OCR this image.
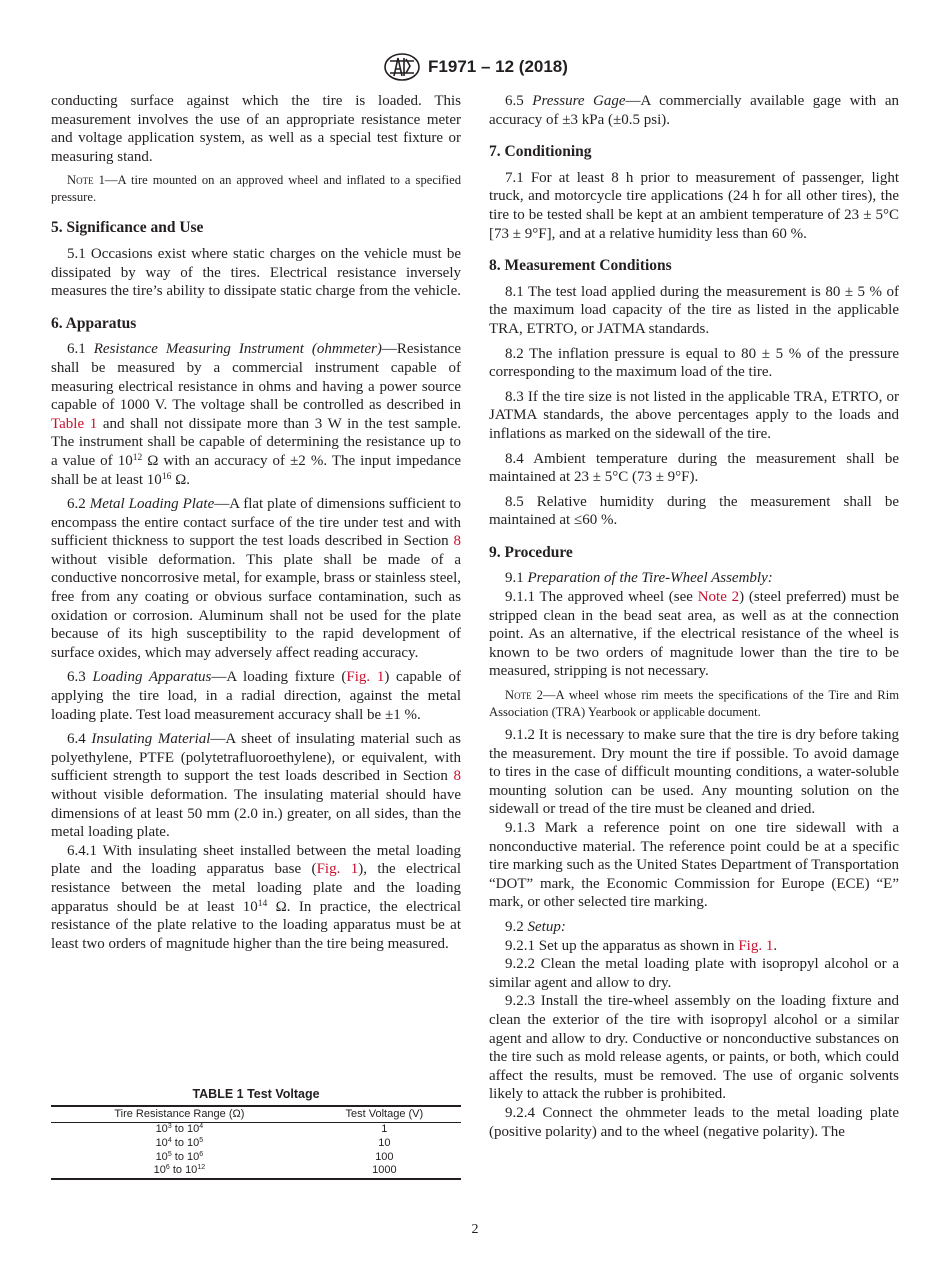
F1971 – 12 (2018)

conducting surface against which the tire is loaded. This measurement involves the use of an appropriate resistance meter and voltage application system, as well as a special test fixture or measuring stand.

Note 1—A tire mounted on an approved wheel and inflated to a specified pressure.
5. Significance and Use

5.1 Occasions exist where static charges on the vehicle must be dissipated by way of the tires. Electrical resistance inversely measures the tire’s ability to dissipate static charge from the vehicle.

6. Apparatus

6.1 Resistance Measuring Instrument (ohmmeter)—Resistance shall be measured by a commercial instrument capable of measuring electrical resistance in ohms and having a power source capable of 1000 V. The voltage shall be controlled as described in Table 1 and shall not dissipate more than 3 W in the test sample. The instrument shall be capable of determining the resistance up to a value of $10^{12}$ Ω with an accuracy of ±2 %. The input impedance shall be at least $10^{16}$ Ω.

6.2 Metal Loading Plate—A flat plate of dimensions sufficient to encompass the entire contact surface of the tire under test and with sufficient thickness to support the test loads described in Section 8 without visible deformation. This plate shall be made of a conductive noncorrosive metal, for example, brass or stainless steel, free from any coating or obvious surface contamination, such as oxidation or corrosion. Aluminum shall not be used for the plate because of its high susceptibility to the rapid development of surface oxides, which may adversely affect reading accuracy.

6.3 Loading Apparatus—A loading fixture (Fig. 1) capable of applying the tire load, in a radial direction, against the metal loading plate. Test load measurement accuracy shall be ±1 %.

6.4 Insulating Material—A sheet of insulating material such as polyethylene, PTFE (polytetrafluoroethylene), or equivalent, with sufficient strength to support the test loads described in Section 8 without visible deformation. The insulating material should have dimensions of at least 50 mm (2.0 in.) greater, on all sides, than the metal loading plate.

6.4.1 With insulating sheet installed between the metal loading plate and the loading apparatus base (Fig. 1), the electrical resistance between the metal loading plate and the loading apparatus should be at least $10^{14}$ Ω. In practice, the electrical resistance of the plate relative to the loading apparatus must be at least two orders of magnitude higher than the tire being measured.

TABLE 1 Test Voltage
Tire Resistance Range (Ω)	Test Voltage (V)
$10^3$ to $10^4$	1
$10^4$ to $10^5$	10
$10^5$ to $10^6$	100
$10^6$ to $10^{12}$	1000

6.5 Pressure Gage—A commercially available gage with an accuracy of ±3 kPa (±0.5 psi).

7. Conditioning

7.1 For at least 8 h prior to measurement of passenger, light truck, and motorcycle tire applications (24 h for all other tires), the tire to be tested shall be kept at an ambient temperature of 23 ± 5°C [73 ± 9°F], and at a relative humidity less than 60 %.

8. Measurement Conditions

8.1 The test load applied during the measurement is 80 ± 5 % of the maximum load capacity of the tire as listed in the applicable TRA, ETRTO, or JATMA standards.

8.2 The inflation pressure is equal to 80 ± 5 % of the pressure corresponding to the maximum load of the tire.

8.3 If the tire size is not listed in the applicable TRA, ETRTO, or JATMA standards, the above percentages apply to the loads and inflations as marked on the sidewall of the tire.

8.4 Ambient temperature during the measurement shall be maintained at 23 ± 5°C (73 ± 9°F).

8.5 Relative humidity during the measurement shall be maintained at ≤60 %.

9. Procedure

9.1 Preparation of the Tire-Wheel Assembly:

9.1.1 The approved wheel (see Note 2) (steel preferred) must be stripped clean in the bead seat area, as well as at the connection point. As an alternative, if the electrical resistance of the wheel is known to be two orders of magnitude lower than the tire to be measured, stripping is not necessary.

Note 2—A wheel whose rim meets the specifications of the Tire and Rim Association (TRA) Yearbook or applicable document.

9.1.2 It is necessary to make sure that the tire is dry before taking the measurement. Dry mount the tire if possible. To avoid damage to tires in the case of difficult mounting conditions, a water-soluble mounting solution can be used. Any mounting solution on the sidewall or tread of the tire must be cleaned and dried.

9.1.3 Mark a reference point on one tire sidewall with a nonconductive material. The reference point could be at a specific tire marking such as the United States Department of Transportation “DOT” mark, the Economic Commission for Europe (ECE) “E” mark, or other selected tire marking.

9.2 Setup:

9.2.1 Set up the apparatus as shown in Fig. 1.

9.2.2 Clean the metal loading plate with isopropyl alcohol or a similar agent and allow to dry.

9.2.3 Install the tire-wheel assembly on the loading fixture and clean the exterior of the tire with isopropyl alcohol or a similar agent and allow to dry. Conductive or nonconductive substances on the tire such as mold release agents, or paints, or both, which could affect the results, must be removed. The use of organic solvents likely to attack the rubber is prohibited.

9.2.4 Connect the ohmmeter leads to the metal loading plate (positive polarity) and to the wheel (negative polarity). The

2
